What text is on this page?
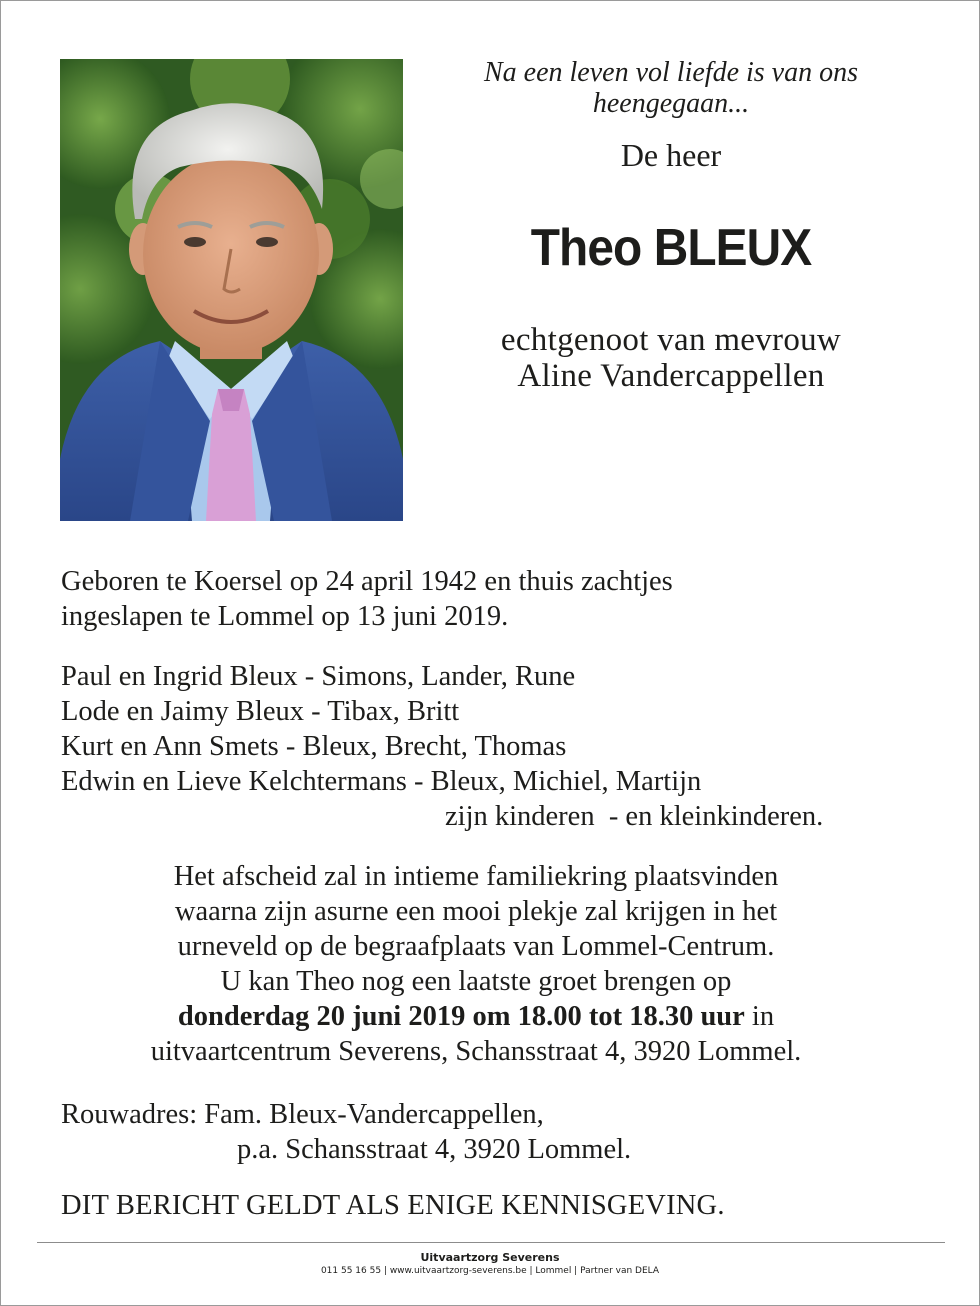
Na een leven vol liefde is van ons
heengegaan...
De heer
Theo BLEUX
echtgenoot van mevrouw
Aline Vandercappellen
Geboren te Koersel op 24 april 1942 en thuis zachtjes
ingeslapen te Lommel op 13 juni 2019.
Paul en Ingrid Bleux - Simons, Lander, Rune
Lode en Jaimy Bleux - Tibax, Britt
Kurt en Ann Smets - Bleux, Brecht, Thomas
Edwin en Lieve Kelchtermans - Bleux, Michiel, Martijn
zijn kinderen  - en kleinkinderen.
Het afscheid zal in intieme familiekring plaatsvinden
waarna zijn asurne een mooi plekje zal krijgen in het
urneveld op de begraafplaats van Lommel-Centrum.
U kan Theo nog een laatste groet brengen op
donderdag 20 juni 2019 om 18.00 tot 18.30 uur in
uitvaartcentrum Severens, Schansstraat 4, 3920 Lommel.
Rouwadres: Fam. Bleux-Vandercappellen,
p.a. Schansstraat 4, 3920 Lommel.
DIT BERICHT GELDT ALS ENIGE KENNISGEVING.
Uitvaartzorg Severens
011 55 16 55 | www.uitvaartzorg-severens.be | Lommel | Partner van DELA
